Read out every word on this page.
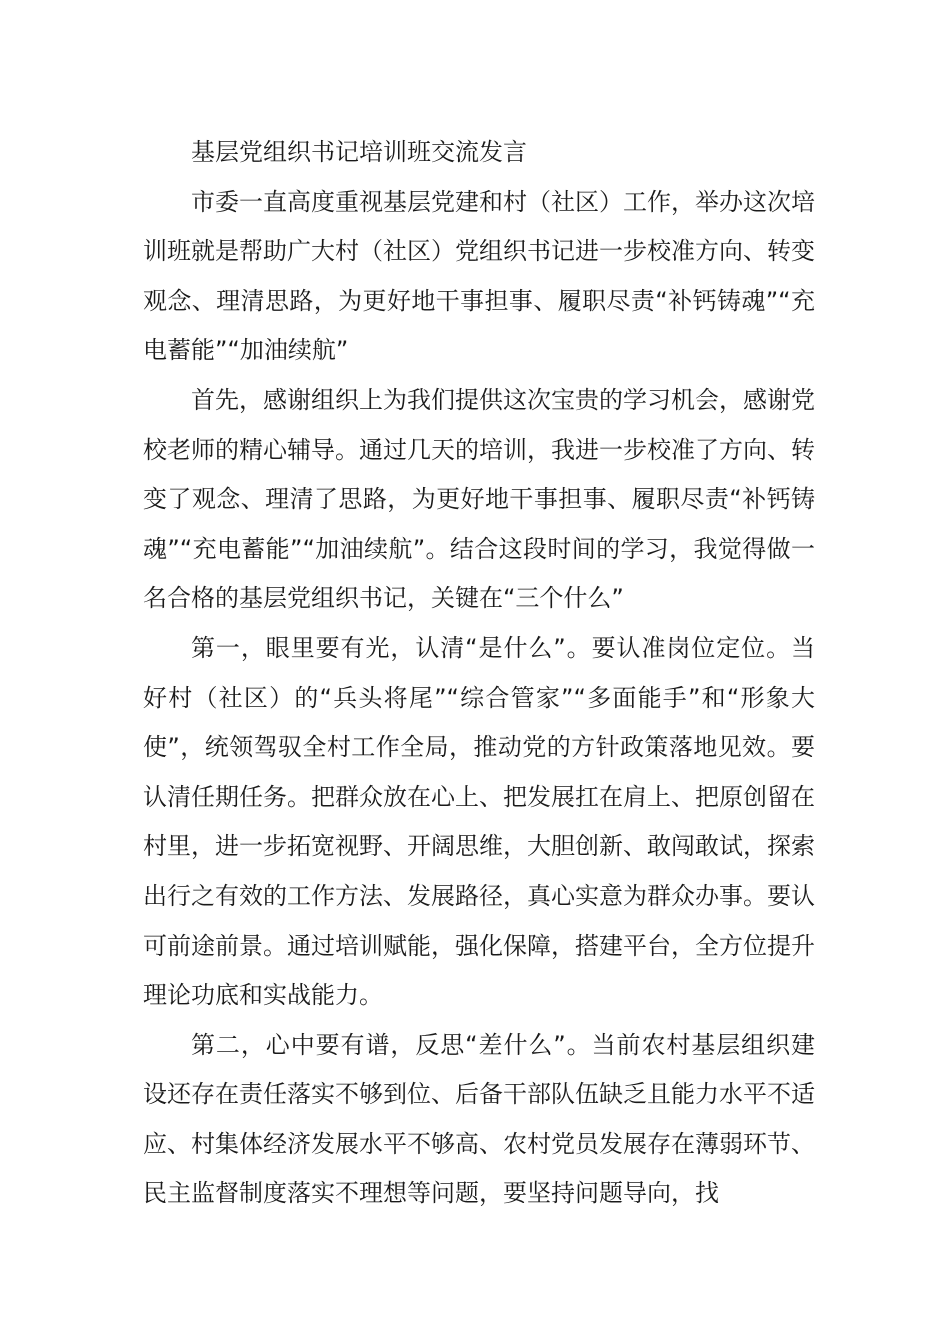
基层党组织书记培训班交流发言

市委一直高度重视基层党建和村（社区）工作，举办这次培训班就是帮助广大村（社区）党组织书记进一步校准方向、转变观念、理清思路，为更好地干事担事、履职尽责“补钙铸魂”“充电蓄能”“加油续航”

首先，感谢组织上为我们提供这次宝贵的学习机会，感谢党校老师的精心辅导。通过几天的培训，我进一步校准了方向、转变了观念、理清了思路，为更好地干事担事、履职尽责“补钙铸魂”“充电蓄能”“加油续航”。结合这段时间的学习，我觉得做一名合格的基层党组织书记，关键在“三个什么”

第一，眼里要有光，认清“是什么”。要认准岗位定位。当好村（社区）的“兵头将尾”“综合管家”“多面能手”和“形象大使”，统领驾驭全村工作全局，推动党的方针政策落地见效。要认清任期任务。把群众放在心上、把发展扛在肩上、把原创留在村里，进一步拓宽视野、开阔思维，大胆创新、敢闯敢试，探索出行之有效的工作方法、发展路径，真心实意为群众办事。要认可前途前景。通过培训赋能，强化保障，搭建平台，全方位提升理论功底和实战能力。

第二，心中要有谱，反思“差什么”。当前农村基层组织建设还存在责任落实不够到位、后备干部队伍缺乏且能力水平不适应、村集体经济发展水平不够高、农村党员发展存在薄弱环节、民主监督制度落实不理想等问题，要坚持问题导向，找
